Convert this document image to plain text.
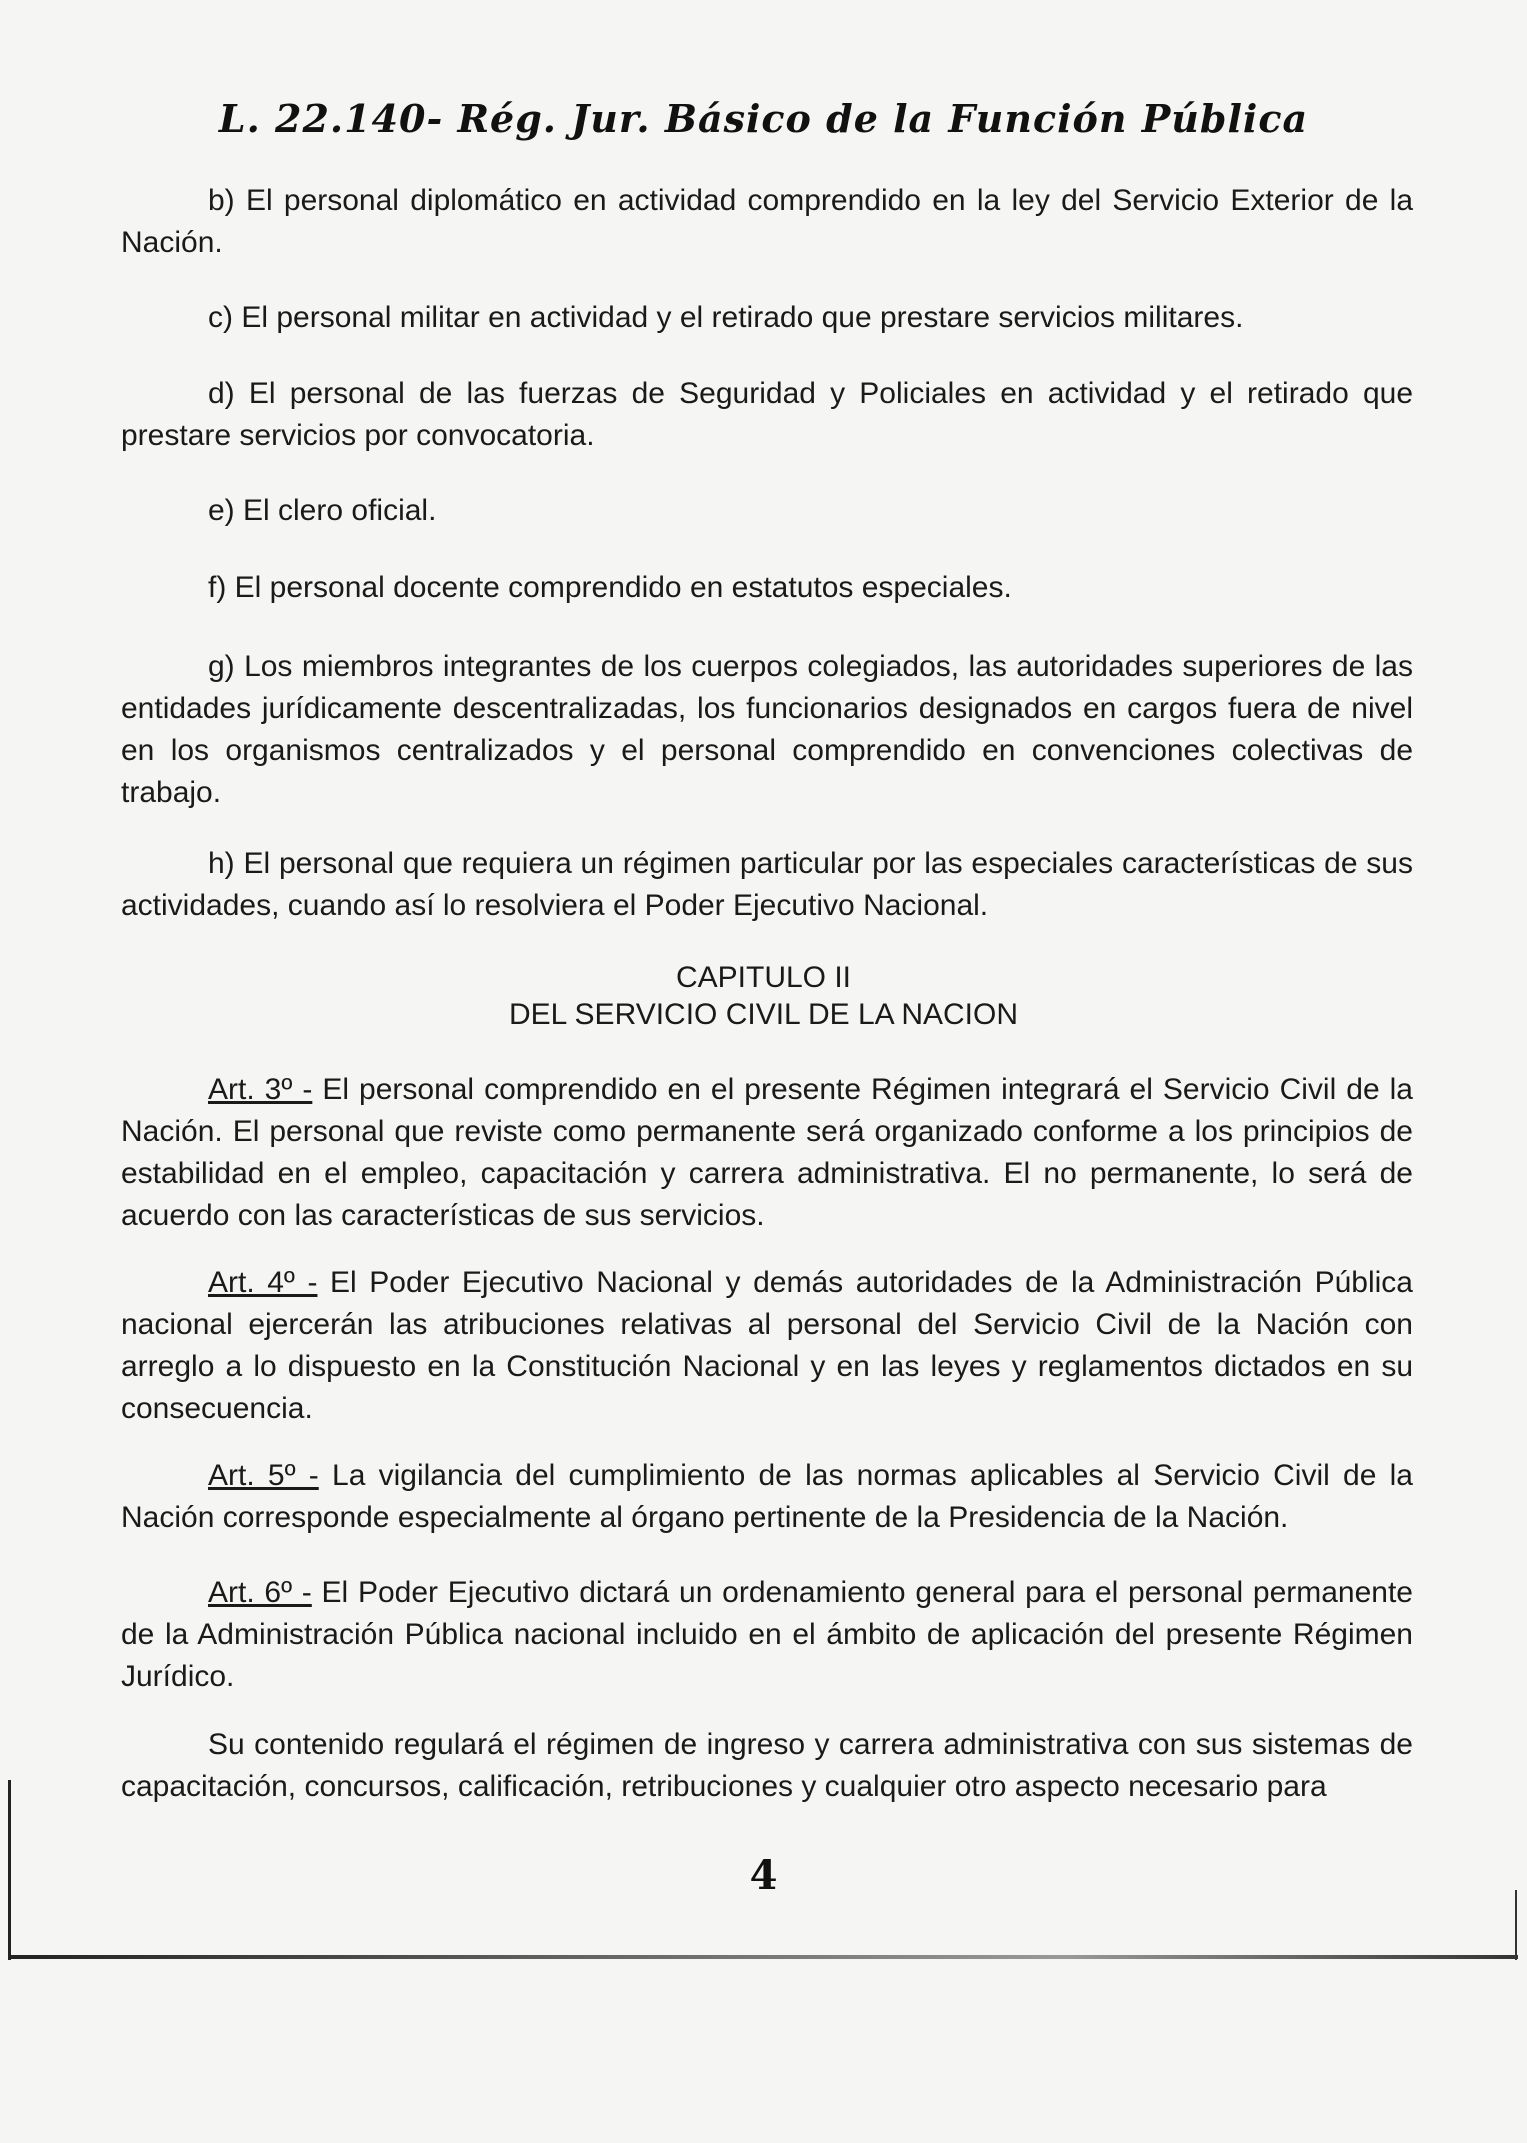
L. 22.140- Rég. Jur. Básico de la Función Pública
b) El personal diplomático en actividad comprendido en la ley del Servicio Exterior de la Nación.
c) El personal militar en actividad y el retirado que prestare servicios militares.
d) El personal de las fuerzas de Seguridad y Policiales en actividad y el retirado que prestare servicios por convocatoria.
e) El clero oficial.
f) El personal docente comprendido en estatutos especiales.
g) Los miembros integrantes de los cuerpos colegiados, las autoridades superiores de las entidades jurídicamente descentralizadas, los funcionarios designados en cargos fuera de nivel en los organismos centralizados y el personal comprendido en convenciones colectivas de trabajo.
h) El personal que requiera un régimen particular por las especiales características de sus actividades, cuando así lo resolviera el Poder Ejecutivo Nacional.
CAPITULO II
DEL SERVICIO CIVIL DE LA NACION
Art. 3º - El personal comprendido en el presente Régimen integrará el Servicio Civil de la Nación. El personal que reviste como permanente será organizado conforme a los principios de estabilidad en el empleo, capacitación y carrera administrativa. El no permanente, lo será de acuerdo con las características de sus servicios.
Art. 4º - El Poder Ejecutivo Nacional y demás autoridades de la Administración Pública nacional ejercerán las atribuciones relativas al personal del Servicio Civil de la Nación con arreglo a lo dispuesto en la Constitución Nacional y en las leyes y reglamentos dictados en su consecuencia.
Art. 5º - La vigilancia del cumplimiento de las normas aplicables al Servicio Civil de la Nación corresponde especialmente al órgano pertinente de la Presidencia de la Nación.
Art. 6º - El Poder Ejecutivo dictará un ordenamiento general para el personal permanente de la Administración Pública nacional incluido en el ámbito de aplicación del presente Régimen Jurídico.
Su contenido regulará el régimen de ingreso y carrera administrativa con sus sistemas de capacitación, concursos, calificación, retribuciones y cualquier otro aspecto necesario para
4
